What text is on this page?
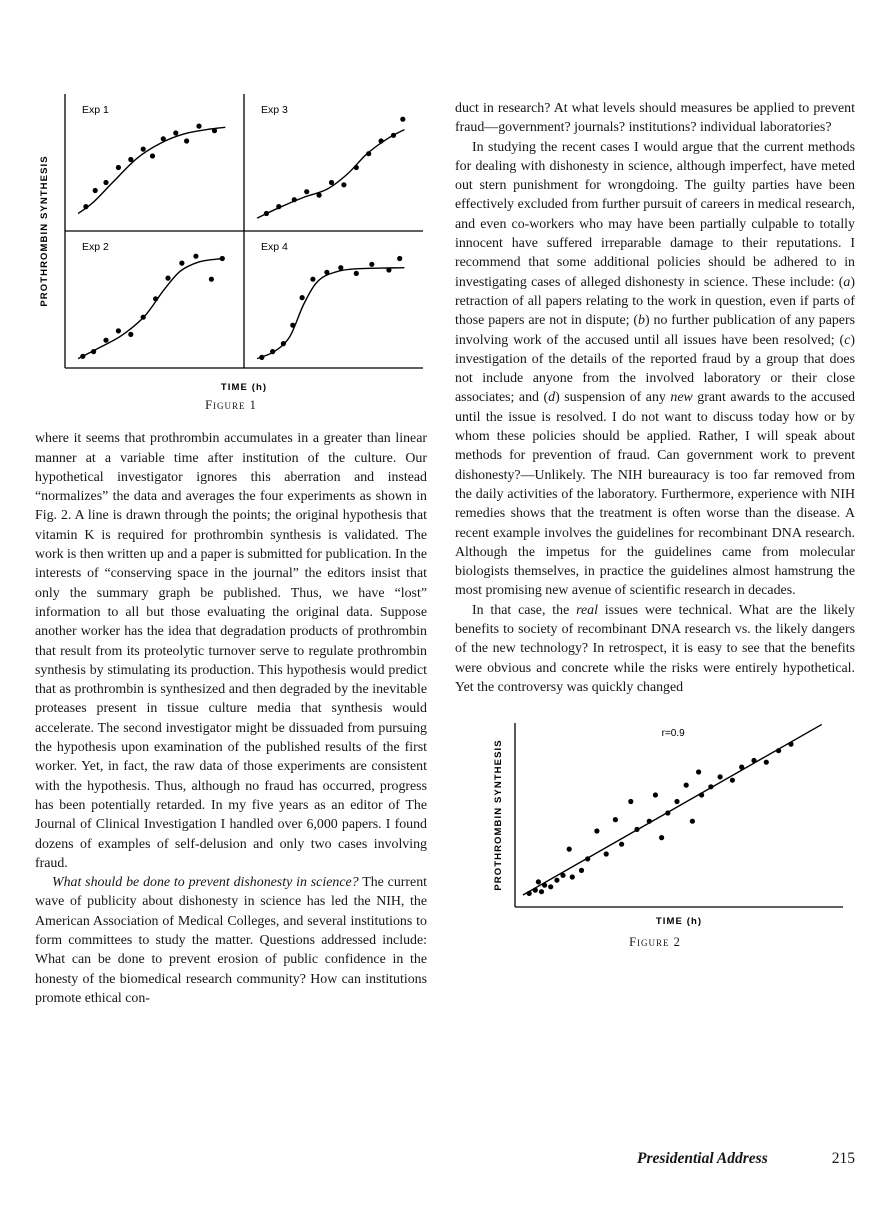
Exp 1	Exp 3
Exp 2	Exp 4
TIME (h)
PROTHROMBIN SYNTHESIS
Figure 1

where it seems that prothrombin accumulates in a greater than linear manner at a variable time after institution of the culture. Our hypothetical investigator ignores this aberration and instead “normalizes” the data and averages the four experiments as shown in Fig. 2. A line is drawn through the points; the original hypothesis that vitamin K is required for prothrombin synthesis is validated. The work is then written up and a paper is submitted for publication. In the interests of “conserving space in the journal” the editors insist that only the summary graph be published. Thus, we have “lost” information to all but those evaluating the original data. Suppose another worker has the idea that degradation products of prothrombin that result from its proteolytic turnover serve to regulate prothrombin synthesis by stimulating its production. This hypothesis would predict that as prothrombin is synthesized and then degraded by the inevitable proteases present in tissue culture media that synthesis would accelerate. The second investigator might be dissuaded from pursuing the hypothesis upon examination of the published results of the first worker. Yet, in fact, the raw data of those experiments are consistent with the hypothesis. Thus, although no fraud has occurred, progress has been potentially retarded. In my five years as an editor of The Journal of Clinical Investigation I handled over 6,000 papers. I found dozens of examples of self-delusion and only two cases involving fraud.

What should be done to prevent dishonesty in science? The current wave of publicity about dishonesty in science has led the NIH, the American Association of Medical Colleges, and several institutions to form committees to study the matter. Questions addressed include: What can be done to prevent erosion of public confidence in the honesty of the biomedical research community? How can institutions promote ethical con-

duct in research? At what levels should measures be applied to prevent fraud—government? journals? institutions? individual laboratories?

In studying the recent cases I would argue that the current methods for dealing with dishonesty in science, although imperfect, have meted out stern punishment for wrongdoing. The guilty parties have been effectively excluded from further pursuit of careers in medical research, and even co-workers who may have been partially culpable to totally innocent have suffered irreparable damage to their reputations. I recommend that some additional policies should be adhered to in investigating cases of alleged dishonesty in science. These include: (a) retraction of all papers relating to the work in question, even if parts of those papers are not in dispute; (b) no further publication of any papers involving work of the accused until all issues have been resolved; (c) investigation of the details of the reported fraud by a group that does not include anyone from the involved laboratory or their close associates; and (d) suspension of any new grant awards to the accused until the issue is resolved. I do not want to discuss today how or by whom these policies should be applied. Rather, I will speak about methods for prevention of fraud. Can government work to prevent dishonesty?—Unlikely. The NIH bureauracy is too far removed from the daily activities of the laboratory. Furthermore, experience with NIH remedies shows that the treatment is often worse than the disease. A recent example involves the guidelines for recombinant DNA research. Although the impetus for the guidelines came from molecular biologists themselves, in practice the guidelines almost hamstrung the most promising new avenue of scientific research in decades.

In that case, the real issues were technical. What are the likely benefits to society of recombinant DNA research vs. the likely dangers of the new technology? In retrospect, it is easy to see that the benefits were obvious and concrete while the risks were entirely hypothetical. Yet the controversy was quickly changed

r=0.9
TIME (h)
PROTHROMBIN SYNTHESIS
Figure 2
Presidential Address	215
